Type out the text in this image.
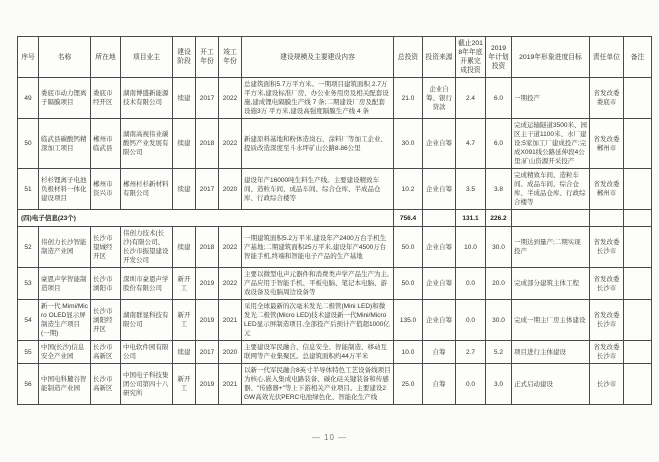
序号	名称	所在地	项目业主	建设阶段	开工年份	竣工年份	建设规模及主要建设内容	总投资	投资来源	截止2018年年底开累完成投资	2019年计划投资	2019年形象进度目标	责任单位	备注
49	娄底市动力锂离子隔膜项目	娄底市经开区	湖南博盛新能源技术有限公司	续建	2017	2022	总建筑面积5.7万平方米。一期项目建筑面积 2.7万平方米,建设标准厂房、办公业务用房及相关配套设施,建成锂电隔膜生产线 7 条;二期建设厂房及配套设施3万 平方米,建设高强度隔膜生产线 4 条	21.0	企业自筹、银行贷款	2.4	6.0	一期投产	省发改委 娄底市	
50	临武县碳酸钙精深加工项目	郴州市临武县	湖南高视伟业碳酸钙产业发展有限公司	续建	2018	2022	新建原料基地和粉体造岗石、涂料厂等加工企业、提质改造深度至斗水坪矿山公路8.86公里	30.0	企业自筹	4.7	6.0	完成运输隧道3500米、园区主干道1100米、水厂建设;5家加工厂建成投产;完成X091线公路延伸段4公里;矿山资源开采投产	省发改委 郴州市	
51	杉杉锂离子电池负极材料一体化建设项目	郴州市资兴市	郴州杉杉新材料有限公司	续建	2017	2020	建设年产16000吨生料生产线。主要建设精致车间、造粒车间、成品车间、综合仓库、半成品仓库、行政综合楼等	10.2	企业自筹	3.5	3.8	完成精致车间、造粒车间、成品车间、综合仓库、半成品仓库、行政综合楼等	省发改委 郴州市	
(四)电子信息(23个)								756.4		131.1	226.2			
52	伟创力长沙智能制造产业园	长沙市望城经开区	伟创力技术(长沙)有限公司、长沙市振望建设开发公司	续建	2018	2022	一期建筑面积5.2万平米,建设年产2400万台手机生产基地;二期建筑面积25万平米,建设年产4500万台智能手机,终端和智能电子产品的生产基地	50.0	企业自筹	10.0	30.0	一期达到量产;二期实现投产	省发改委 长沙市	
53	豪恩声学智能制造项目	长沙市浏阳市	深圳市豪恩声学股份有限公司	新开工	2019	2022	主要以微型电声元器件和消费类声学产品生产为主,产品应用于智能手机、平板电脑、笔记本电脑、游戏设备及电脑周边设备等	50.0	企业自筹	0.0	20.0	完成部分建筑主体工程	省发改委 长沙市	
54	新一代 Mimi/Micro OLED显示屏制造生产项目(一期)	长沙市浏阳经开区	湖南群显科技有限公司	新开工	2019	2021	采用全球最新的次毫米发光二极管(Mini LED)和微发光二极管(Micro LED)技术建设新一代Mini/Micro LED显示屏制造项目,全部投产后预计产值超1000亿元	135.0	企业自筹	0.0	30.0	完成一期主厂房主体建设	省发改委 长沙市	
55	中国(长沙)信息安全产业园	长沙市高新区	中电软件园有限公司	续建	2017	2020	主要建设军民融合、信息安全、智能制造、移动互联网等产业集聚区。总建筑面积约44万平米	10.0	自筹	2.7	5.2	项目进行主体建设	省发改委 长沙市	
56	中国电科麓谷智能制造产业园	长沙市高新区	中国电子科技集团公司第四十八研究所	新开工	2019	2021	以新一代军民融合8英寸半导体特色工艺设备线项目为核心,嵌入集成电路装备、碳化硅关键装备和传感器、"传感器+"等上下游相关产业项目。主要建设2GW高效光伏PERC电池绿色化、智能化生产线	25.0	自筹	0.0	3.0	正式启动建设	长沙市	
— 10 —
